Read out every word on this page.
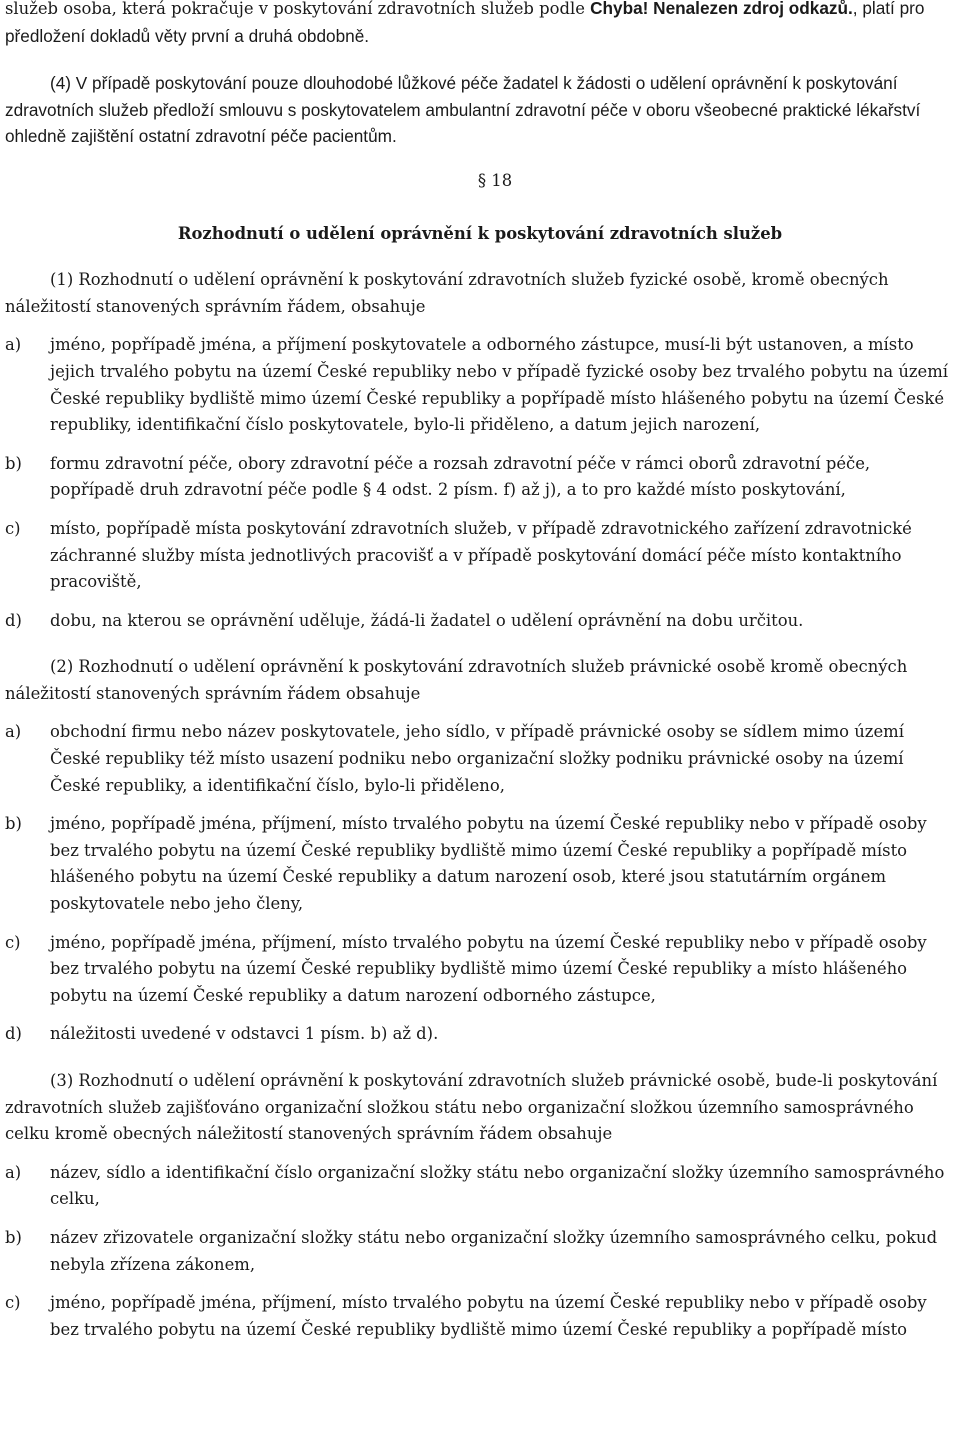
služeb osoba, která pokračuje v poskytování zdravotních služeb podle Chyba! Nenalezen zdroj odkazů., platí pro předložení dokladů věty první a druhá obdobně.

(4) V případě poskytování pouze dlouhodobé lůžkové péče žadatel k žádosti o udělení oprávnění k poskytování zdravotních služeb předloží smlouvu s poskytovatelem ambulantní zdravotní péče v oboru všeobecné praktické lékařství ohledně zajištění ostatní zdravotní péče pacientům.

§ 18
Rozhodnutí o udělení oprávnění k poskytování zdravotních služeb

(1) Rozhodnutí o udělení oprávnění k poskytování zdravotních služeb fyzické osobě, kromě obecných náležitostí stanovených správním řádem, obsahuje

a)	jméno, popřípadě jména, a příjmení poskytovatele a odborného zástupce, musí-li být ustanoven, a místo jejich trvalého pobytu na území České republiky nebo v případě fyzické osoby bez trvalého pobytu na území České republiky bydliště mimo území České republiky a popřípadě místo hlášeného pobytu na území České republiky, identifikační číslo poskytovatele, bylo-li přiděleno, a datum jejich narození,
b)	formu zdravotní péče, obory zdravotní péče a rozsah zdravotní péče v rámci oborů zdravotní péče, popřípadě druh zdravotní péče podle § 4 odst. 2 písm. f) až j), a to pro každé místo poskytování,
c)	místo, popřípadě místa poskytování zdravotních služeb, v případě zdravotnického zařízení zdravotnické záchranné služby místa jednotlivých pracovišť a v případě poskytování domácí péče místo kontaktního pracoviště,
d)	dobu, na kterou se oprávnění uděluje, žádá-li žadatel o udělení oprávnění na dobu určitou.

(2) Rozhodnutí o udělení oprávnění k poskytování zdravotních služeb právnické osobě kromě obecných náležitostí stanovených správním řádem obsahuje

a)	obchodní firmu nebo název poskytovatele, jeho sídlo, v případě právnické osoby se sídlem mimo území České republiky též místo usazení podniku nebo organizační složky podniku právnické osoby na území České republiky, a identifikační číslo, bylo-li přiděleno,
b)	jméno, popřípadě jména, příjmení, místo trvalého pobytu na území České republiky nebo v případě osoby bez trvalého pobytu na území České republiky bydliště mimo území České republiky a popřípadě místo hlášeného pobytu na území České republiky a datum narození osob, které jsou statutárním orgánem poskytovatele nebo jeho členy,
c)	jméno, popřípadě jména, příjmení, místo trvalého pobytu na území České republiky nebo v případě osoby bez trvalého pobytu na území České republiky bydliště mimo území České republiky a místo hlášeného pobytu na území České republiky a datum narození odborného zástupce,
d)	náležitosti uvedené v odstavci 1 písm. b) až d).

(3) Rozhodnutí o udělení oprávnění k poskytování zdravotních služeb právnické osobě, bude-li poskytování zdravotních služeb zajišťováno organizační složkou státu nebo organizační složkou územního samosprávného celku kromě obecných náležitostí stanovených správním řádem obsahuje

a)	název, sídlo a identifikační číslo organizační složky státu nebo organizační složky územního samosprávného celku,
b)	název zřizovatele organizační složky státu nebo organizační složky územního samosprávného celku, pokud nebyla zřízena zákonem,
c)	jméno, popřípadě jména, příjmení, místo trvalého pobytu na území České republiky nebo v případě osoby bez trvalého pobytu na území České republiky bydliště mimo území České republiky a popřípadě místo
